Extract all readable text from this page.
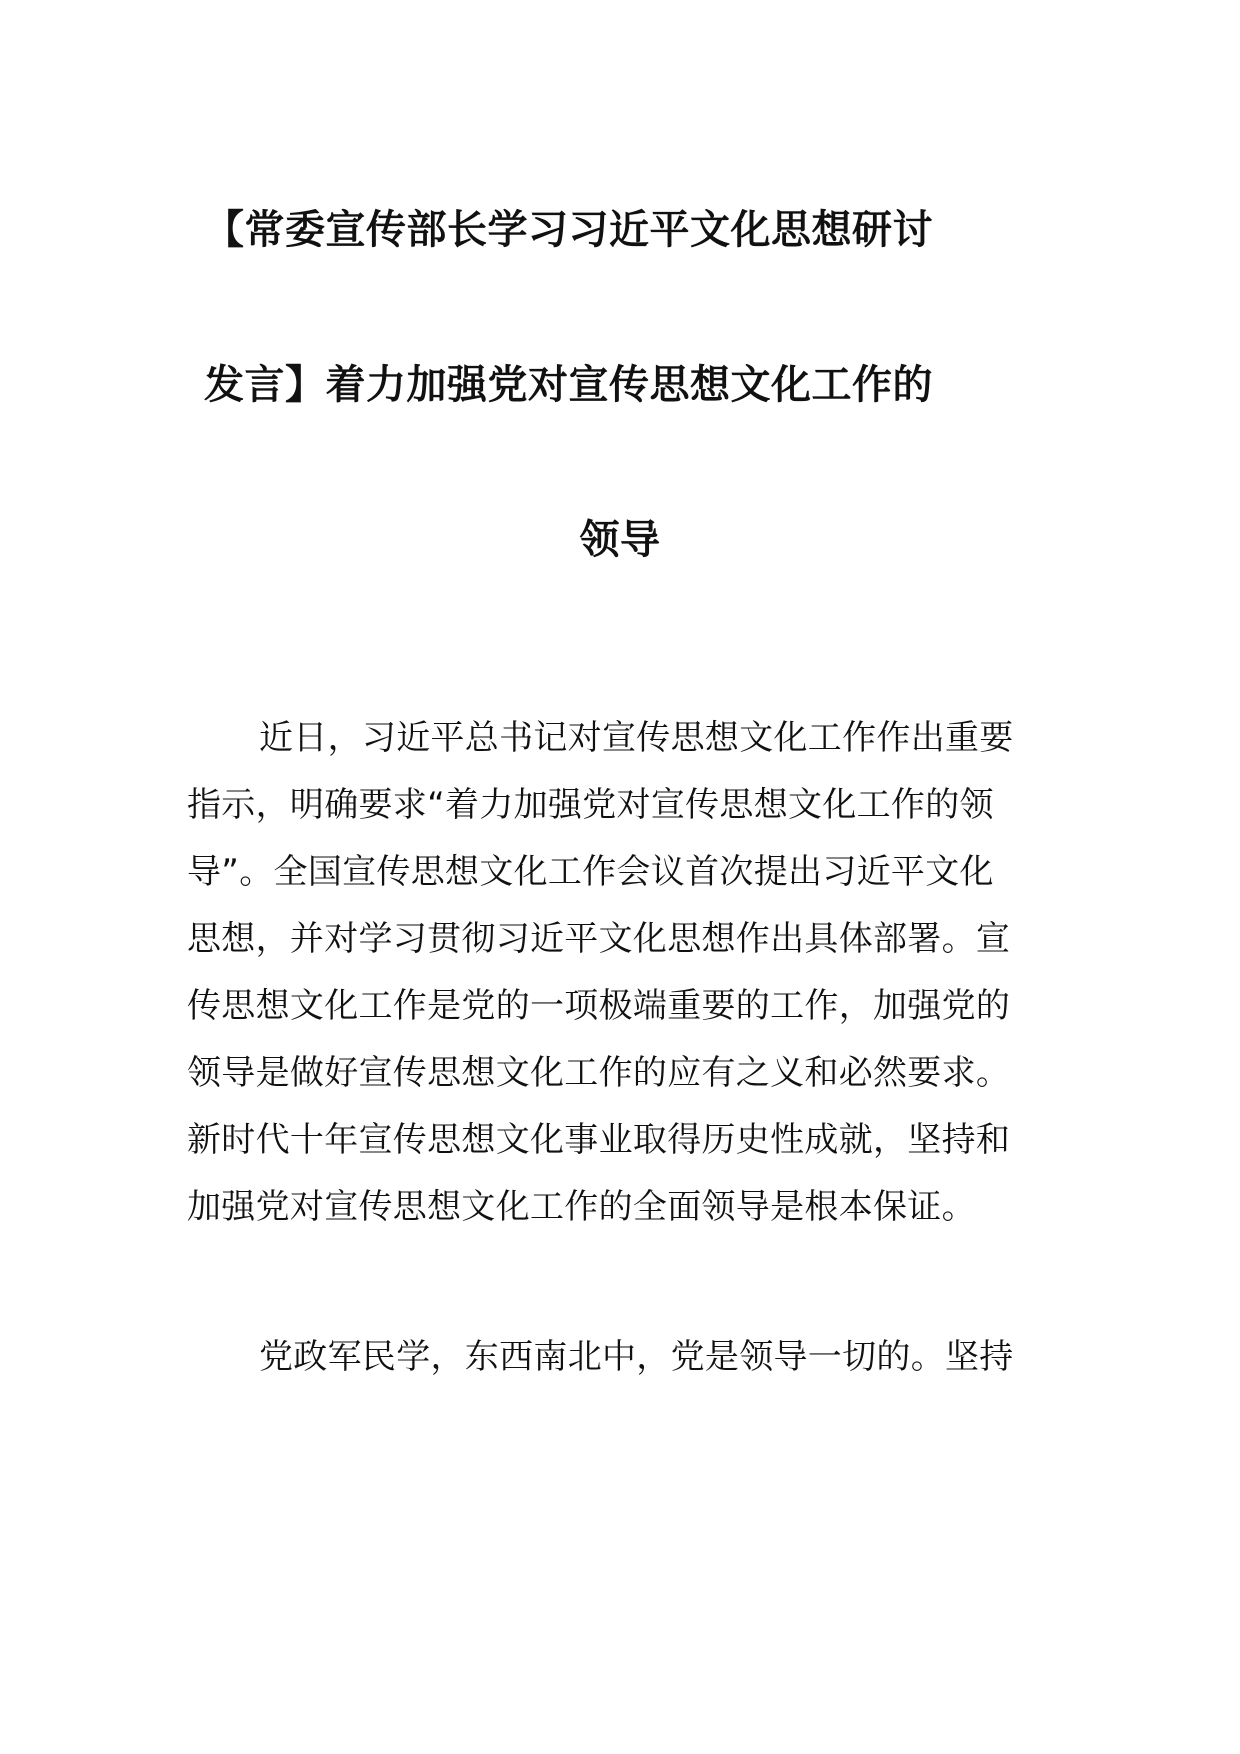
【常委宣传部长学习习近平文化思想研讨
发言】着力加强党对宣传思想文化工作的
领导
近日，习近平总书记对宣传思想文化工作作出重要
指示，明确要求“着力加强党对宣传思想文化工作的领
导”。全国宣传思想文化工作会议首次提出习近平文化
思想，并对学习贯彻习近平文化思想作出具体部署。宣
传思想文化工作是党的一项极端重要的工作，加强党的
领导是做好宣传思想文化工作的应有之义和必然要求。
新时代十年宣传思想文化事业取得历史性成就，坚持和
加强党对宣传思想文化工作的全面领导是根本保证。
党政军民学，东西南北中，党是领导一切的。坚持
